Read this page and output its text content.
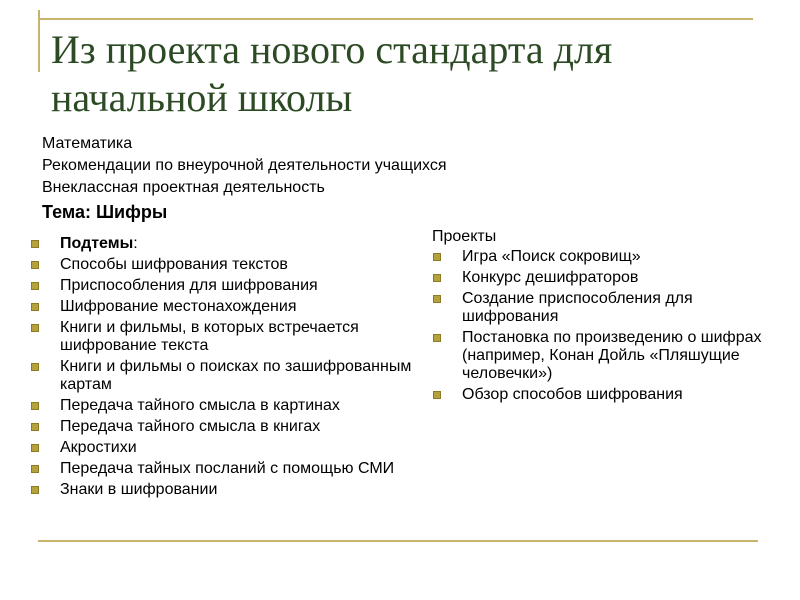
Из проекта нового стандарта для начальной школы
Математика
Рекомендации по внеурочной деятельности учащихся
Внеклассная проектная деятельность
Тема: Шифры
Подтемы:
Способы шифрования текстов
Приспособления для шифрования
Шифрование местонахождения
Книги и фильмы, в которых встречается шифрование текста
Книги и фильмы о поисках по зашифрованным картам
Передача тайного смысла в картинах
Передача тайного смысла в книгах
Акростихи
Передача тайных посланий с помощью СМИ
Знаки в шифровании
Проекты
Игра «Поиск сокровищ»
Конкурс дешифраторов
Создание приспособления для шифрования
Постановка по произведению о шифрах (например, Конан Дойль «Пляшущие человечки»)
Обзор способов шифрования
